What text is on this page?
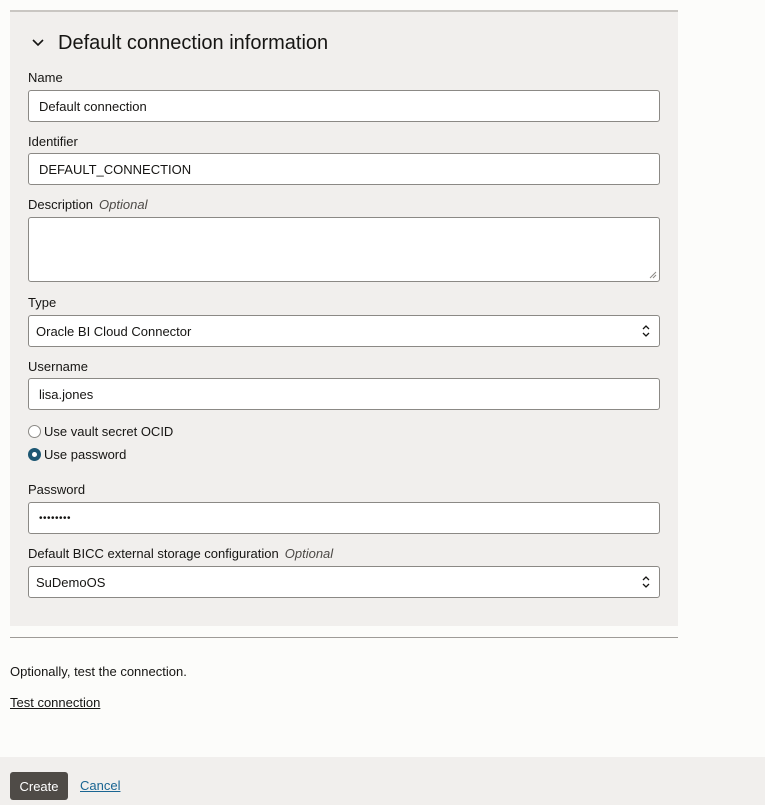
Default connection information
Name
Default connection
Identifier
DEFAULT_CONNECTION
Description Optional
Type
Oracle BI Cloud Connector
Username
lisa.jones
Use vault secret OCID
Use password
Password
••••••••
Default BICC external storage configuration Optional
SuDemoOS
Optionally, test the connection.
Test connection
Create	Cancel
